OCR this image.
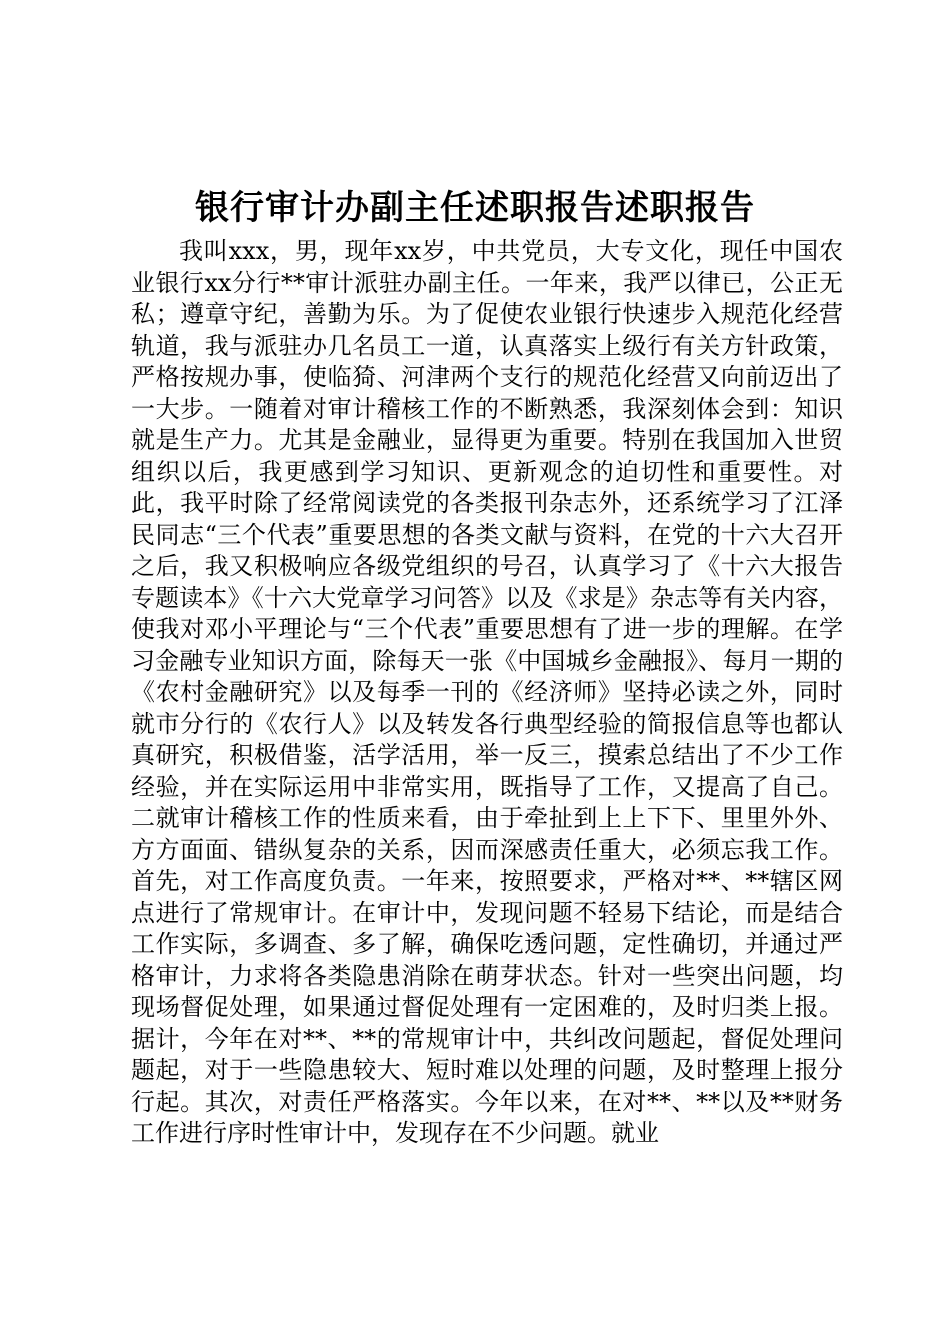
银行审计办副主任述职报告述职报告

我叫xxx，男，现年xx岁，中共党员，大专文化，现任中国农业银行xx分行**审计派驻办副主任。一年来，我严以律已，公正无私；遵章守纪，善勤为乐。为了促使农业银行快速步入规范化经营轨道，我与派驻办几名员工一道，认真落实上级行有关方针政策，严格按规办事，使临猗、河津两个支行的规范化经营又向前迈出了一大步。一随着对审计稽核工作的不断熟悉，我深刻体会到：知识就是生产力。尤其是金融业，显得更为重要。特别在我国加入世贸组织以后，我更感到学习知识、更新观念的迫切性和重要性。对此，我平时除了经常阅读党的各类报刊杂志外，还系统学习了江泽民同志“三个代表”重要思想的各类文献与资料，在党的十六大召开之后，我又积极响应各级党组织的号召，认真学习了《十六大报告专题读本》《十六大党章学习问答》以及《求是》杂志等有关内容，使我对邓小平理论与“三个代表”重要思想有了进一步的理解。在学习金融专业知识方面，除每天一张《中国城乡金融报》、每月一期的《农村金融研究》以及每季一刊的《经济师》坚持必读之外，同时就市分行的《农行人》以及转发各行典型经验的简报信息等也都认真研究，积极借鉴，活学活用，举一反三，摸索总结出了不少工作经验，并在实际运用中非常实用，既指导了工作，又提高了自己。二就审计稽核工作的性质来看，由于牵扯到上上下下、里里外外、方方面面、错纵复杂的关系，因而深感责任重大，必须忘我工作。首先，对工作高度负责。一年来，按照要求，严格对**、**辖区网点进行了常规审计。在审计中，发现问题不轻易下结论，而是结合工作实际，多调查、多了解，确保吃透问题，定性确切，并通过严格审计，力求将各类隐患消除在萌芽状态。针对一些突出问题，均现场督促处理，如果通过督促处理有一定困难的，及时归类上报。据计，今年在对**、**的常规审计中，共纠改问题起，督促处理问题起，对于一些隐患较大、短时难以处理的问题，及时整理上报分行起。其次，对责任严格落实。今年以来，在对**、**以及**财务工作进行序时性审计中，发现存在不少问题。就业
